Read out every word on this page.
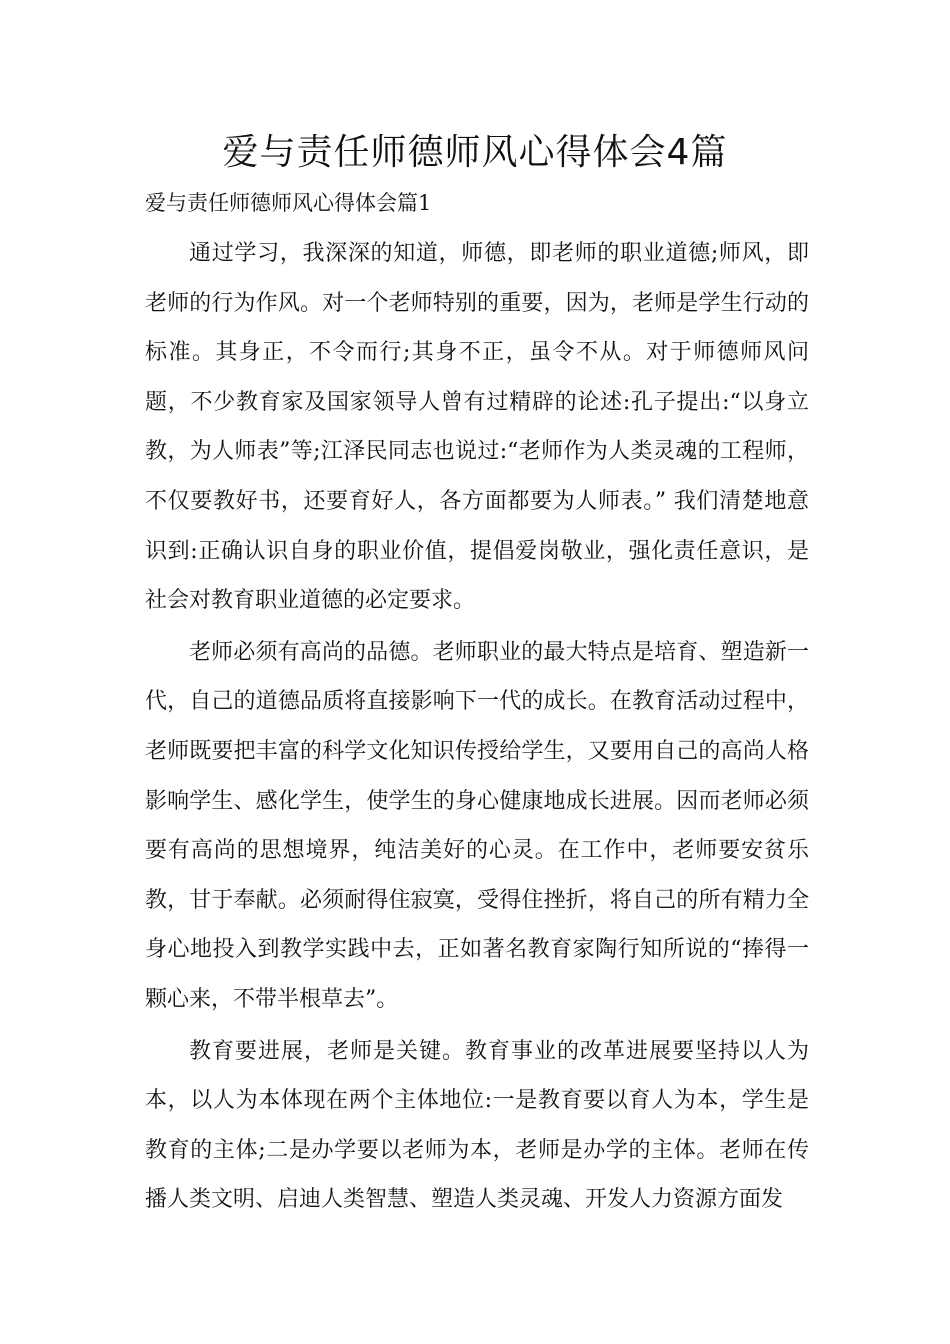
爱与责任师德师风心得体会4篇
爱与责任师德师风心得体会篇1

通过学习，我深深的知道，师德，即老师的职业道德;师风，即老师的行为作风。对一个老师特别的重要，因为，老师是学生行动的标准。其身正，不令而行;其身不正，虽令不从。对于师德师风问题，不少教育家及国家领导人曾有过精辟的论述:孔子提出:“以身立教，为人师表”等;江泽民同志也说过:“老师作为人类灵魂的工程师，不仅要教好书，还要育好人，各方面都要为人师表。” 我们清楚地意识到:正确认识自身的职业价值，提倡爱岗敬业，强化责任意识，是社会对教育职业道德的必定要求。

老师必须有高尚的品德。老师职业的最大特点是培育、塑造新一代，自己的道德品质将直接影响下一代的成长。在教育活动过程中，老师既要把丰富的科学文化知识传授给学生，又要用自己的高尚人格影响学生、感化学生，使学生的身心健康地成长进展。因而老师必须要有高尚的思想境界，纯洁美好的心灵。在工作中，老师要安贫乐教，甘于奉献。必须耐得住寂寞，受得住挫折，将自己的所有精力全身心地投入到教学实践中去，正如著名教育家陶行知所说的“捧得一颗心来，不带半根草去”。

教育要进展，老师是关键。教育事业的改革进展要坚持以人为本，以人为本体现在两个主体地位:一是教育要以育人为本，学生是教育的主体;二是办学要以老师为本，老师是办学的主体。老师在传播人类文明、启迪人类智慧、塑造人类灵魂、开发人力资源方面发
